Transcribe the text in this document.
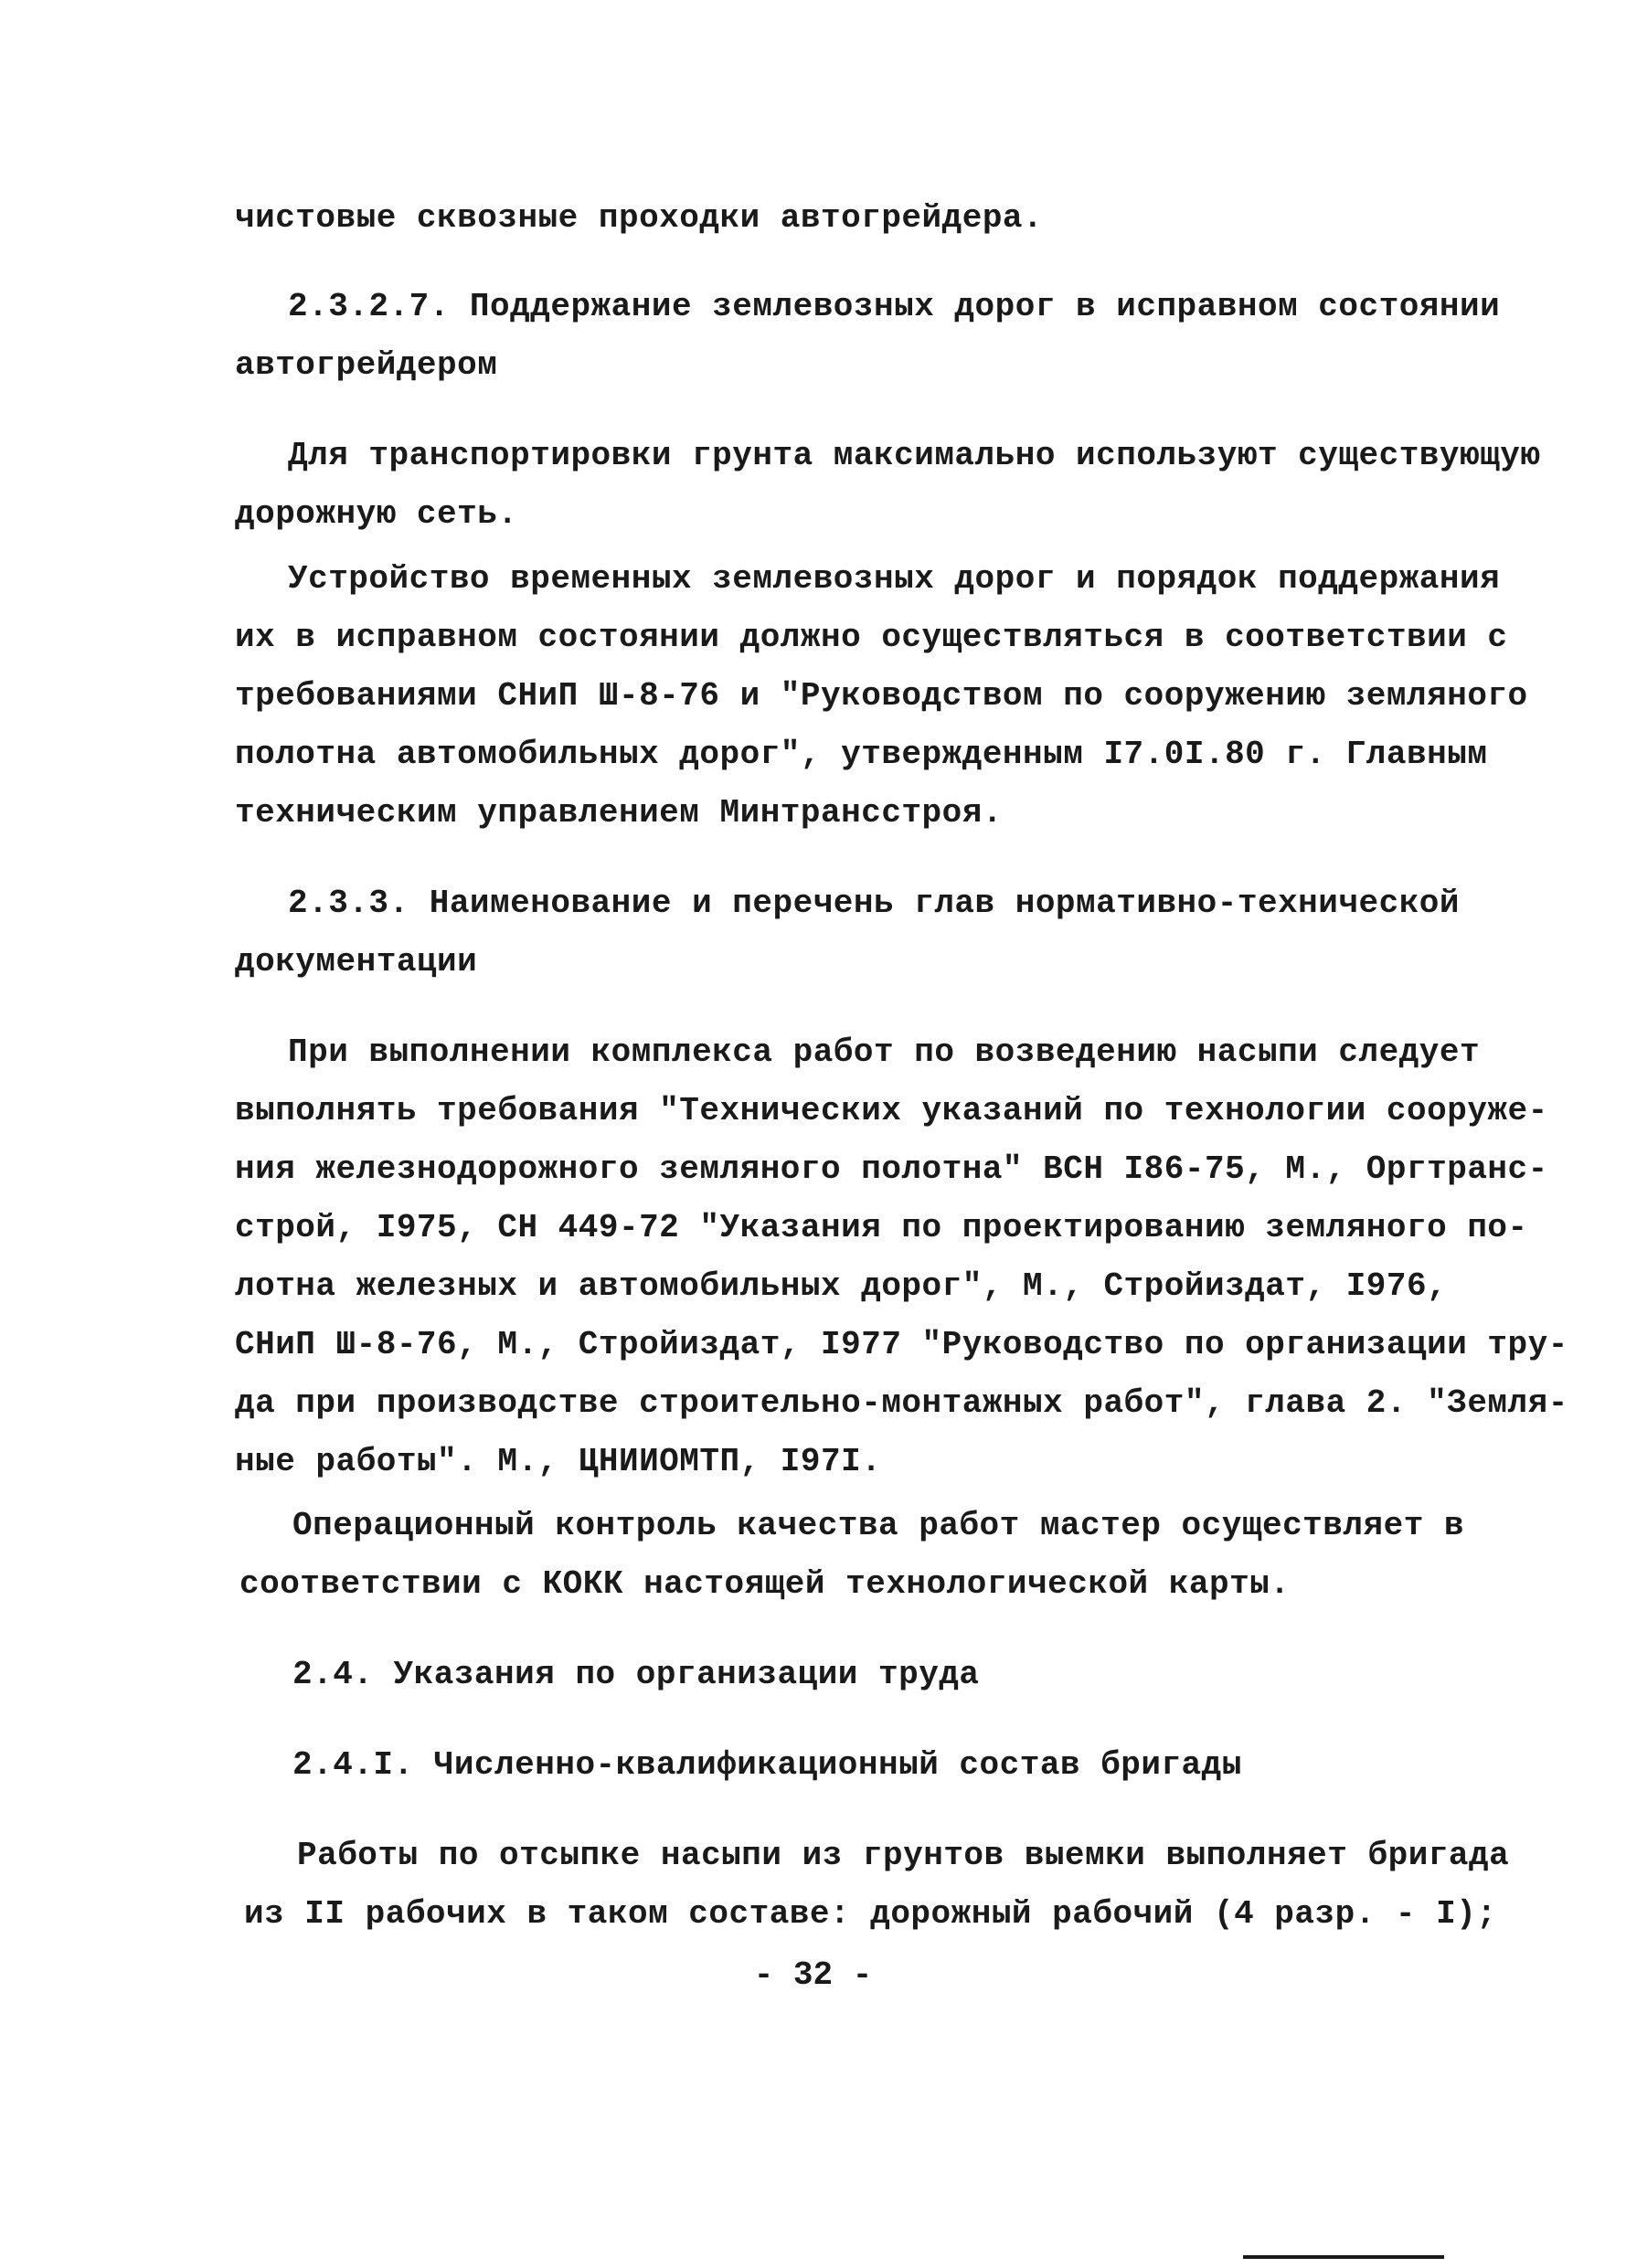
чистовые сквозные проходки автогрейдера.
2.3.2.7. Поддержание землевозных дорог в исправном состоянии
автогрейдером
Для транспортировки грунта максимально используют существующую
дорожную сеть.
Устройство временных землевозных дорог и порядок поддержания
их в исправном состоянии должно осуществляться в соответствии с
требованиями СНиП Ш-8-76 и "Руководством по сооружению земляного
полотна автомобильных дорог", утвержденным I7.0I.80 г. Главным
техническим управлением Минтрансстроя.
2.3.3. Наименование и перечень глав нормативно-технической
документации
При выполнении комплекса работ по возведению насыпи следует
выполнять требования "Технических указаний по технологии сооруже-
ния железнодорожного земляного полотна" ВСН I86-75, М., Оргтранс-
строй, I975, СН 449-72 "Указания по проектированию земляного по-
лотна железных и автомобильных дорог", М., Стройиздат, I976,
СНиП Ш-8-76, М., Стройиздат, I977 "Руководство по организации тру-
да при производстве строительно-монтажных работ", глава 2. "Земля-
ные работы". М., ЦНИИОМТП, I97I.
Операционный контроль качества работ мастер осуществляет в
соответствии с КОКК настоящей технологической карты.
2.4. Указания по организации труда
2.4.I. Численно-квалификационный состав бригады
Работы по отсыпке насыпи из грунтов выемки выполняет бригада
из II рабочих в таком составе: дорожный рабочий (4 разр. - I);
- 32 -
